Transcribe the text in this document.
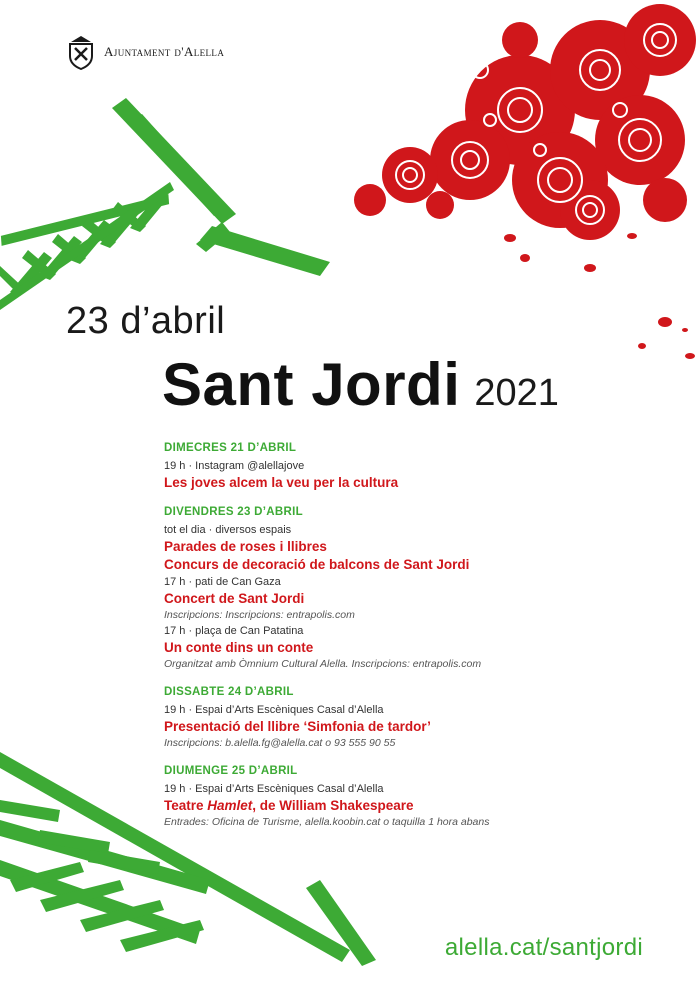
Ajuntament d'Alella
23 d’abril
Sant Jordi 2021
DIMECRES 21 D’ABRIL
19 h · Instagram @alellajove
Les joves alcem la veu per la cultura
DIVENDRES 23 D’ABRIL
tot el dia · diversos espais
Parades de roses i llibres
Concurs de decoració de balcons de Sant Jordi
17 h · pati de Can Gaza
Concert de Sant Jordi
Inscripcions: Inscripcions: entrapolis.com
17 h · plaça de Can Patatina
Un conte dins un conte
Organitzat amb Òmnium Cultural Alella. Inscripcions: entrapolis.com
DISSABTE 24 D’ABRIL
19 h · Espai d’Arts Escèniques Casal d’Alella
Presentació del llibre ‘Simfonia de tardor’
Inscripcions: b.alella.fg@alella.cat o 93 555 90 55
DIUMENGE 25 D’ABRIL
19 h · Espai d’Arts Escèniques Casal d’Alella
Teatre Hamlet, de William Shakespeare
Entrades: Oficina de Turisme, alella.koobin.cat o taquilla 1 hora abans
alella.cat/santjordi
